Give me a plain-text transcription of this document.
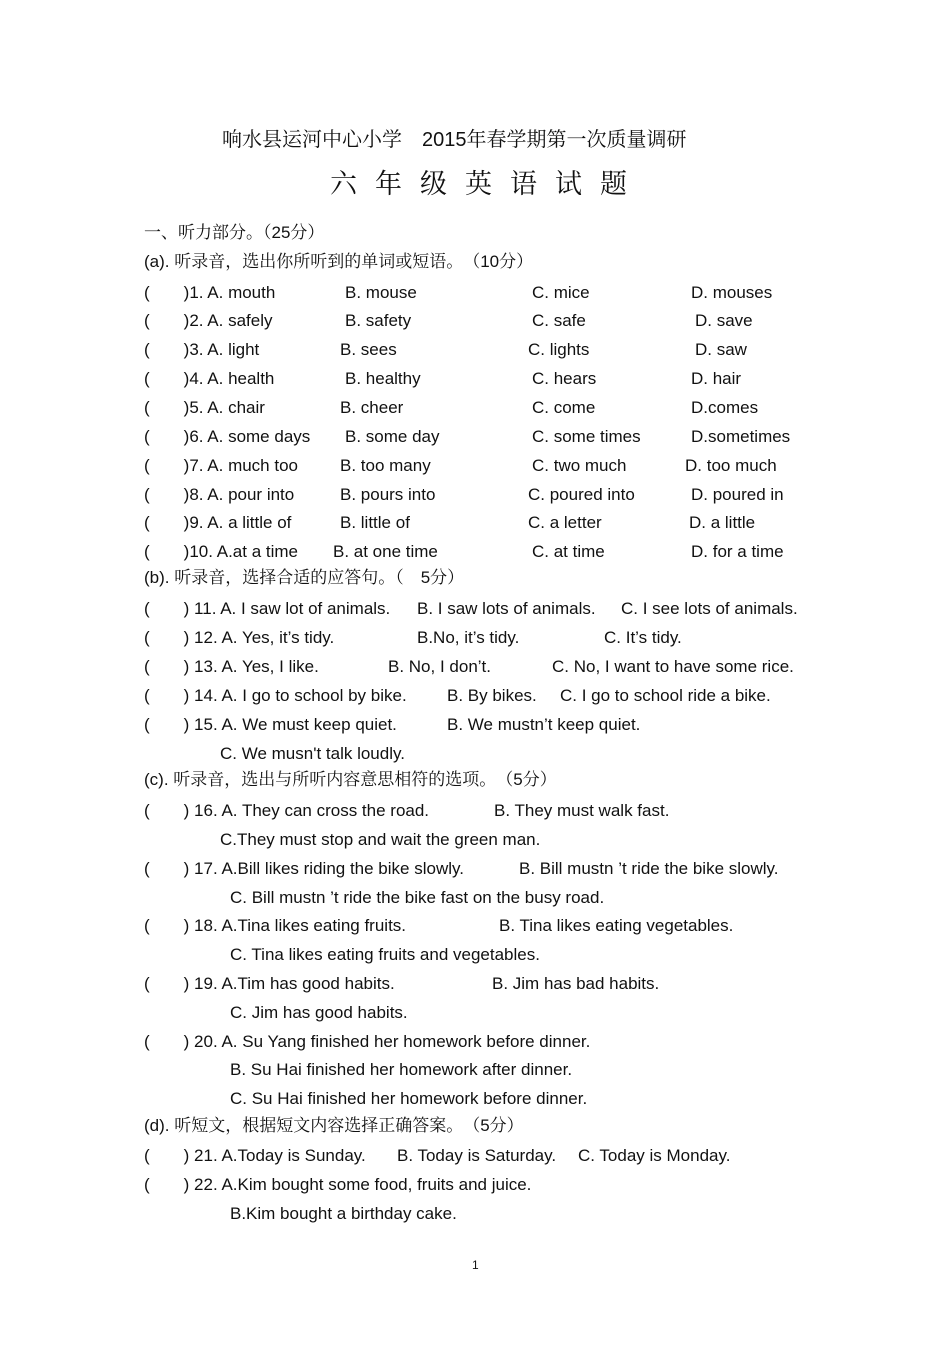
响水县运河中心小学　2015年春学期第一次质量调研
六年级英语试题
一、听力部分。（25分）
(a). 听录音，选出你所听到的单词或短语。　（10分）
(　　)1. A. mouth	B. mouse	C. mice	D. mouses
(　　)2. A. safely	B. safety	C. safe	D. save
(　　)3. A. light	B. sees	C. lights	D. saw
(　　)4. A. health	B. healthy	C. hears	D. hair
(　　)5. A. chair	B. cheer	C. come	D.comes
(　　)6. A. some days B. some day	C. some times	D.sometimes
(　　)7. A. much too B. too many	C. two much	D. too much
(　　)8. A. pour into	B. pours into	C. poured into	D. poured in
(　　)9. A. a little of	B. little of	C. a letter	D. a little
(　　)10. A.at a time B. at one time	C. at time	D. for a time
(b). 听录音，选择合适的应答句。（　5分）
(　　) 11. A. I saw lot of animals. B. I saw lots of animals. C. I see lots of animals.
(　　) 12. A. Yes, it’s tidy.	B.No, it’s tidy.	C. It’s tidy.
(　　) 13. A. Yes, I like.	B. No, I don’t.	C. No, I want to have some rice.
(　　) 14. A. I go to school by bike. B. By bikes. C. I go to school ride a bike.
(　　) 15. A. We must keep quiet.	B. We mustn’t keep quiet.
C. We musn't talk loudly.
(c). 听录音，选出与所听内容意思相符的选项。　（5分）
(　　) 16. A. They can cross the road.	B. They must walk fast.
C.They must stop and wait the green man.
(　　) 17. A.Bill likes riding the bike slowly.	B. Bill mustn ’t ride the bike slowly.
C. Bill mustn ’t ride the bike fast on the busy road.
(　　) 18. A.Tina likes eating fruits.	B. Tina likes eating vegetables.
C. Tina likes eating fruits and vegetables.
(　　) 19. A.Tim has good habits.	B. Jim has bad habits.
C. Jim has good habits.
(　　) 20. A. Su Yang finished her homework before dinner.
B. Su Hai finished her homework after dinner.
C. Su Hai finished her homework before dinner.
(d). 听短文，根据短文内容选择正确答案。　（5分）
(　　) 21. A.Today is Sunday. B. Today is Saturday. C. Today is Monday.
(　　) 22. A.Kim bought some food, fruits and juice.
B.Kim bought a birthday cake.
1
